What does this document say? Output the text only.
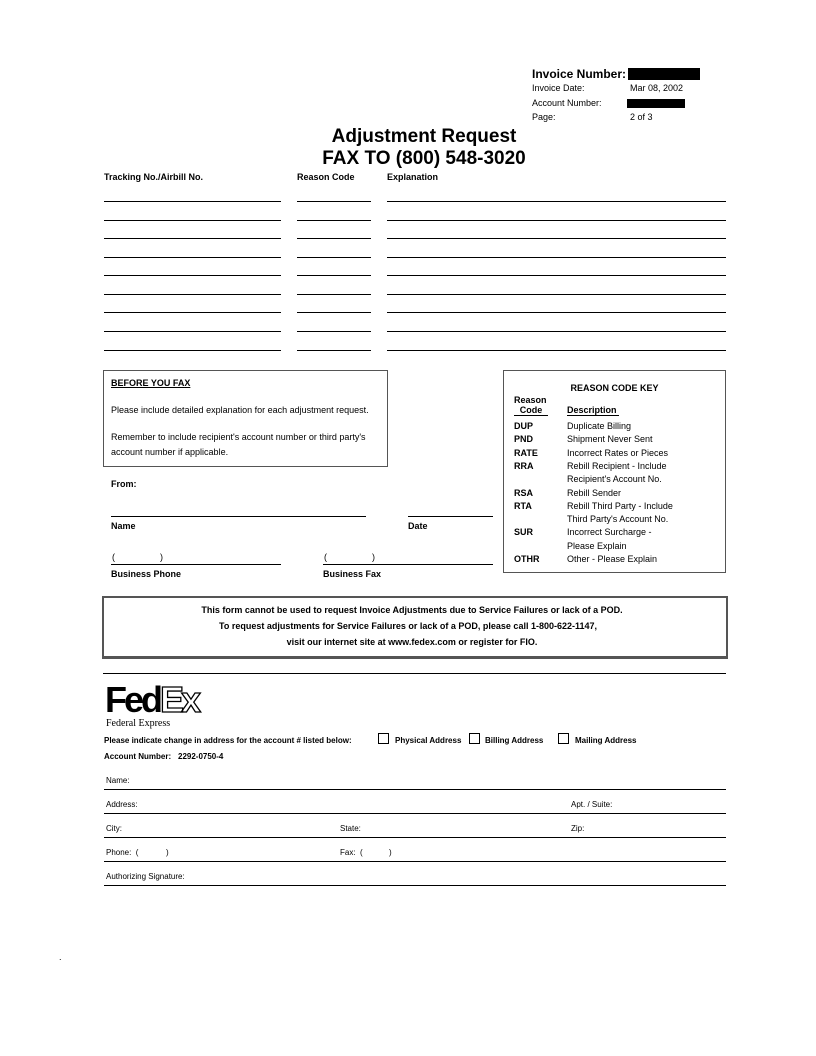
Invoice Number:
Invoice Date:	Mar 08, 2002
Account Number:
Page:	2 of 3
Adjustment Request
FAX TO (800) 548-3020
Tracking No./Airbill No.	Reason Code	Explanation
BEFORE YOU FAX
Please include detailed explanation for each adjustment request.
Remember to include recipient's account number or third party's
account number if applicable.
From:
Name	Date
(	)	(	)
Business Phone	Business Fax
REASON CODE KEY
Reason
Code	Description
DUP	Duplicate Billing
PND	Shipment Never Sent
RATE	Incorrect Rates or Pieces
RRA	Rebill Recipient - Include
Recipient's Account No.
RSA	Rebill Sender
RTA	Rebill Third Party - Include
Third Party's Account No.
SUR	Incorrect Surcharge -
Please Explain
OTHR	Other - Please Explain
This form cannot be used to request Invoice Adjustments due to Service Failures or lack of a POD.
To request adjustments for Service Failures or lack of a POD, please call 1-800-622-1147,
visit our internet site at www.fedex.com or register for FIO.
FedEx
Federal Express
Please indicate change in address for the account # listed below:	Physical Address	Billing Address	Mailing Address
Account Number: 2292-0750-4
Name:
Address:	Apt. / Suite:
City:	State:	Zip:
Phone:  (	)	Fax:  (	)
Authorizing Signature:
.
